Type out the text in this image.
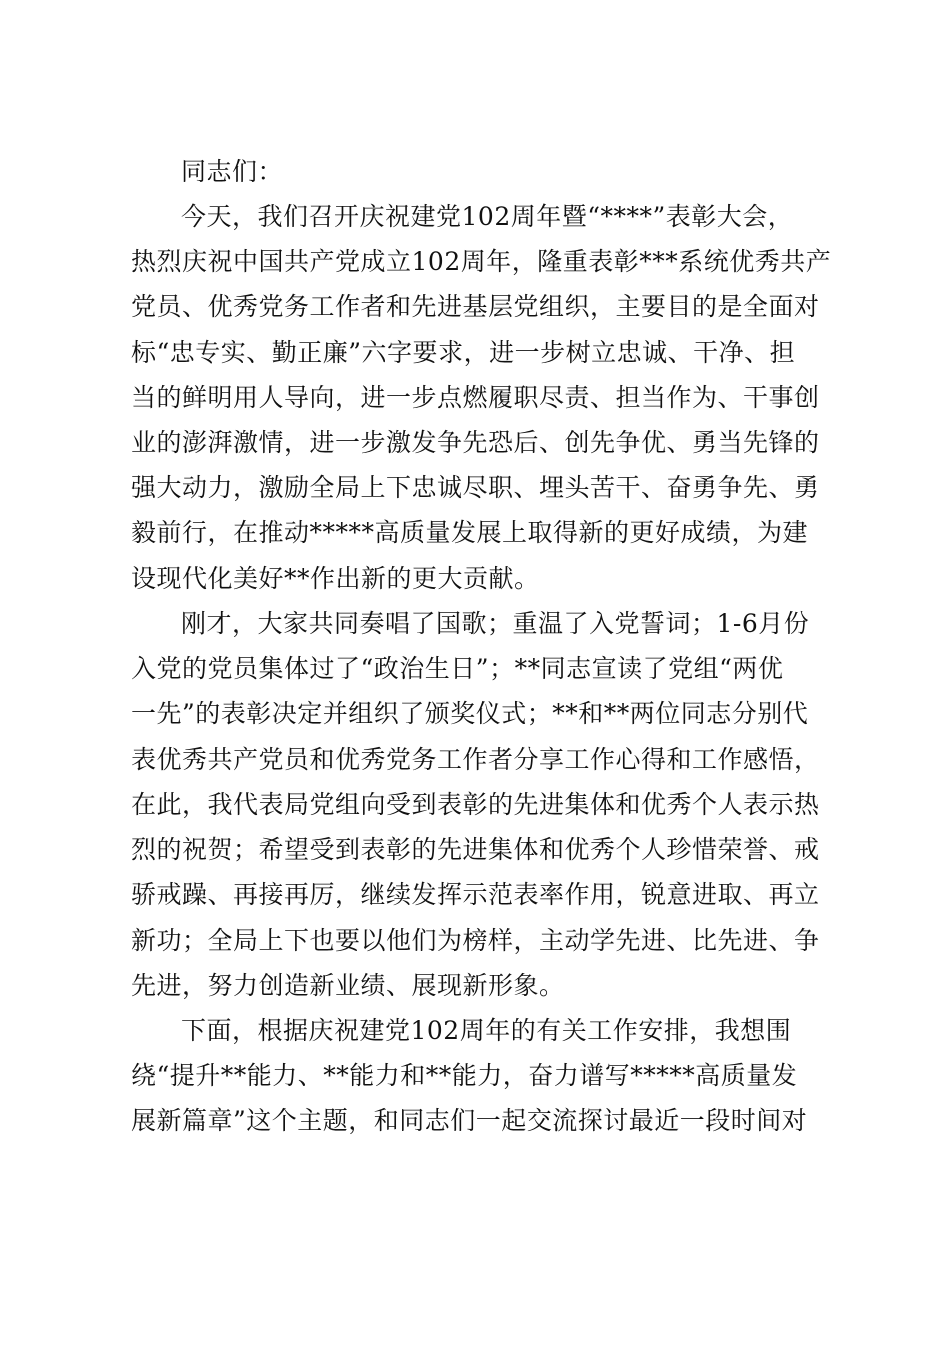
同志们：

今天，我们召开庆祝建党102周年暨“****”表彰大会，

热烈庆祝中国共产党成立102周年，隆重表彰***系统优秀共产

党员、优秀党务工作者和先进基层党组织，主要目的是全面对

标“忠专实、勤正廉”六字要求，进一步树立忠诚、干净、担

当的鲜明用人导向，进一步点燃履职尽责、担当作为、干事创

业的澎湃激情，进一步激发争先恐后、创先争优、勇当先锋的

强大动力，激励全局上下忠诚尽职、埋头苦干、奋勇争先、勇

毅前行，在推动*****高质量发展上取得新的更好成绩，为建

设现代化美好**作出新的更大贡献。

刚才，大家共同奏唱了国歌；重温了入党誓词；1-6月份

入党的党员集体过了“政治生日”；**同志宣读了党组“两优

一先”的表彰决定并组织了颁奖仪式；**和**两位同志分别代

表优秀共产党员和优秀党务工作者分享工作心得和工作感悟，

在此，我代表局党组向受到表彰的先进集体和优秀个人表示热

烈的祝贺；希望受到表彰的先进集体和优秀个人珍惜荣誉、戒

骄戒躁、再接再厉，继续发挥示范表率作用，锐意进取、再立

新功；全局上下也要以他们为榜样，主动学先进、比先进、争

先进，努力创造新业绩、展现新形象。

下面，根据庆祝建党102周年的有关工作安排，我想围

绕“提升**能力、**能力和**能力，奋力谱写*****高质量发

展新篇章”这个主题，和同志们一起交流探讨最近一段时间对
